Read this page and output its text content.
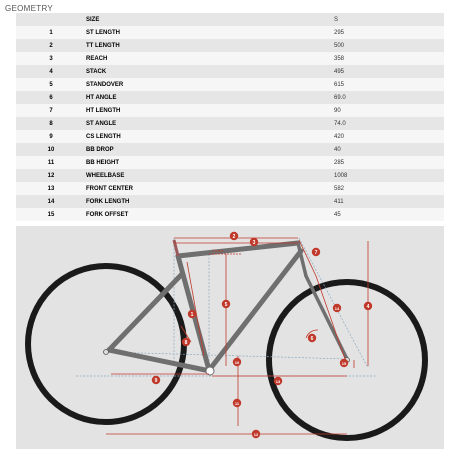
GEOMETRY
	SIZE	S
1	ST LENGTH	295
2	TT LENGTH	500
3	REACH	358
4	STACK	495
5	STANDOVER	615
6	HT ANGLE	69.0
7	HT LENGTH	90
8	ST ANGLE	74.0
9	CS LENGTH	420
10	BB DROP	40
11	BB HEIGHT	285
12	WHEELBASE	1008
13	FRONT CENTER	582
14	FORK LENGTH	411
15	FORK OFFSET	45
1
2
3
4
5
6
7
8
9
10
11
12
13
14
15
70mm
